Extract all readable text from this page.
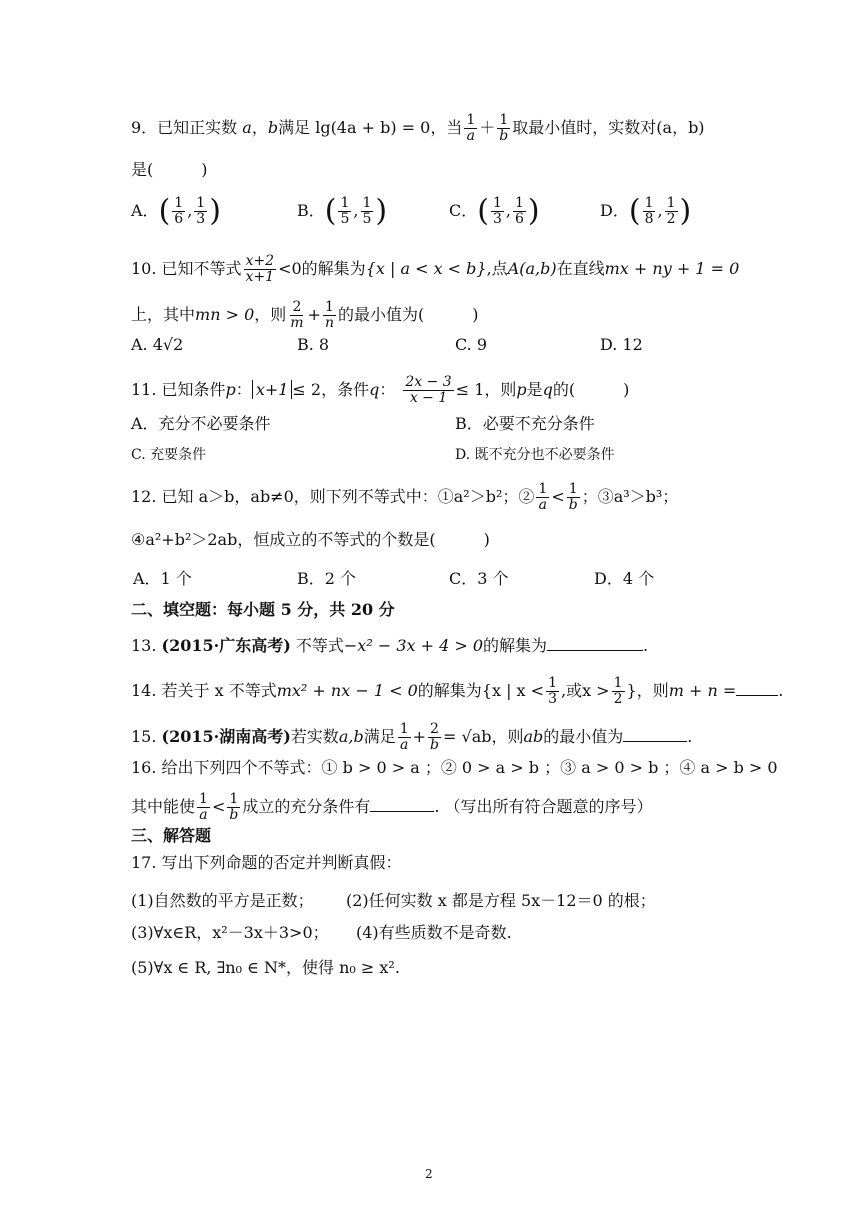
9．已知正实数 a，b满足 lg(4a + b) = 0，当 $\frac{1}{a} + \frac{1}{b}$ 取最小值时，实数对(a，b)
是(　　　)
A．( $\frac{1}{6}$ , $\frac{1}{3}$ )	B．( $\frac{1}{5}$ , $\frac{1}{5}$ )	C．( $\frac{1}{3}$ , $\frac{1}{6}$ )	D．( $\frac{1}{8}$ , $\frac{1}{2}$ )
10. 已知不等式 $\frac{x+2}{x+1} <0$的解集为{x | a < x < b},点A(a,b)在直线mx + ny + 1 = 0
上，其中mn > 0，则 $\frac{2}{m} + \frac{1}{n}$ 的最小值为(　　　)
A. 4√2	B. 8	C. 9	D. 12
11. 已知条件p： x+1 ≤ 2，条件q： $\frac{2x - 3}{x - 1} \le 1$，则p是q的(　　　)
A．充分不必要条件	B．必要不充分条件
C. 充要条件	D. 既不充分也不必要条件
12. 已知 a＞b，ab≠0，则下列不等式中：①a²＞b²；② $\frac{1}{a} < \frac{1}{b}$ ；③a³＞b³；
④a²+b²＞2ab，恒成立的不等式的个数是(　　　)
A．1 个	B．2 个	C．3 个	D．4 个
二、填空题：每小题 5 分，共 20 分
13. (2015·广东高考) 不等式−x² − 3x + 4 > 0的解集为	.
14. 若关于 x 不等式mx² + nx − 1 < 0的解集为{x | $x < \frac{1}{3}$ ,或$x > \frac{1}{2}$ }，则m + n =	.
15. (2015·湖南高考)若实数a,b满足 $\frac{1}{a} + \frac{2}{b} = √ab$，则ab的最小值为	.
16. 给出下列四个不等式：① b > 0 > a ；② 0 > a > b ；③ a > 0 > b ；④ a > b > 0
其中能使 $\frac{1}{a} < \frac{1}{b}$ 成立的充分条件有	. （写出所有符合题意的序号）
三、解答题
17. 写出下列命题的否定并判断真假：
(1)自然数的平方是正数； (2)任何实数 x 都是方程 5x－12＝0 的根；
(3)∀x∈R，x²－3x＋3>0； (4)有些质数不是奇数.
(5)∀x ∈ R, ∃n₀ ∈ N*，使得 n₀ ≥ x².
2
